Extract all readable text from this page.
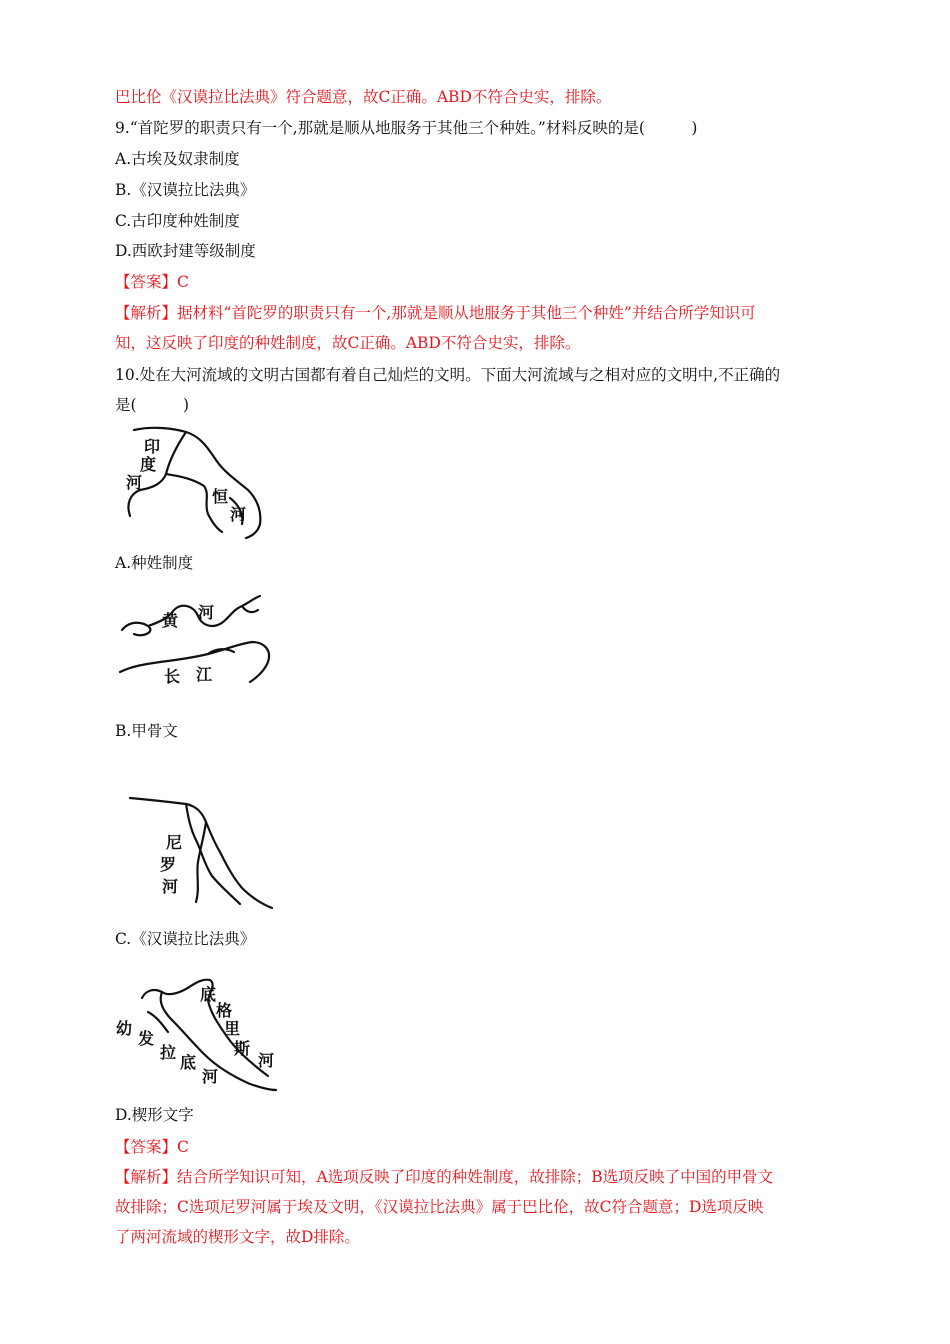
巴比伦《汉谟拉比法典》符合题意，故C正确。ABD不符合史实，排除。
9.“首陀罗的职责只有一个,那就是顺从地服务于其他三个种姓。”材料反映的是(　　　)
A.古埃及奴隶制度
B.《汉谟拉比法典》
C.古印度种姓制度
D.西欧封建等级制度
【答案】C
【解析】据材料“首陀罗的职责只有一个,那就是顺从地服务于其他三个种姓”并结合所学知识可
知，这反映了印度的种姓制度，故C正确。ABD不符合史实，排除。
10.处在大河流域的文明古国都有着自己灿烂的文明。下面大河流域与之相对应的文明中,不正确的
是(　　　)
印
度
河
恒
河
A.种姓制度
黄 河
长 江
B.甲骨文
尼
罗
河
C.《汉谟拉比法典》
底
格
里
斯
河
幼
发
拉
底
河
D.楔形文字
【答案】C
【解析】结合所学知识可知，A选项反映了印度的种姓制度，故排除；B选项反映了中国的甲骨文
故排除；C选项尼罗河属于埃及文明，《汉谟拉比法典》属于巴比伦，故C符合题意；D选项反映
了两河流域的楔形文字，故D排除。
